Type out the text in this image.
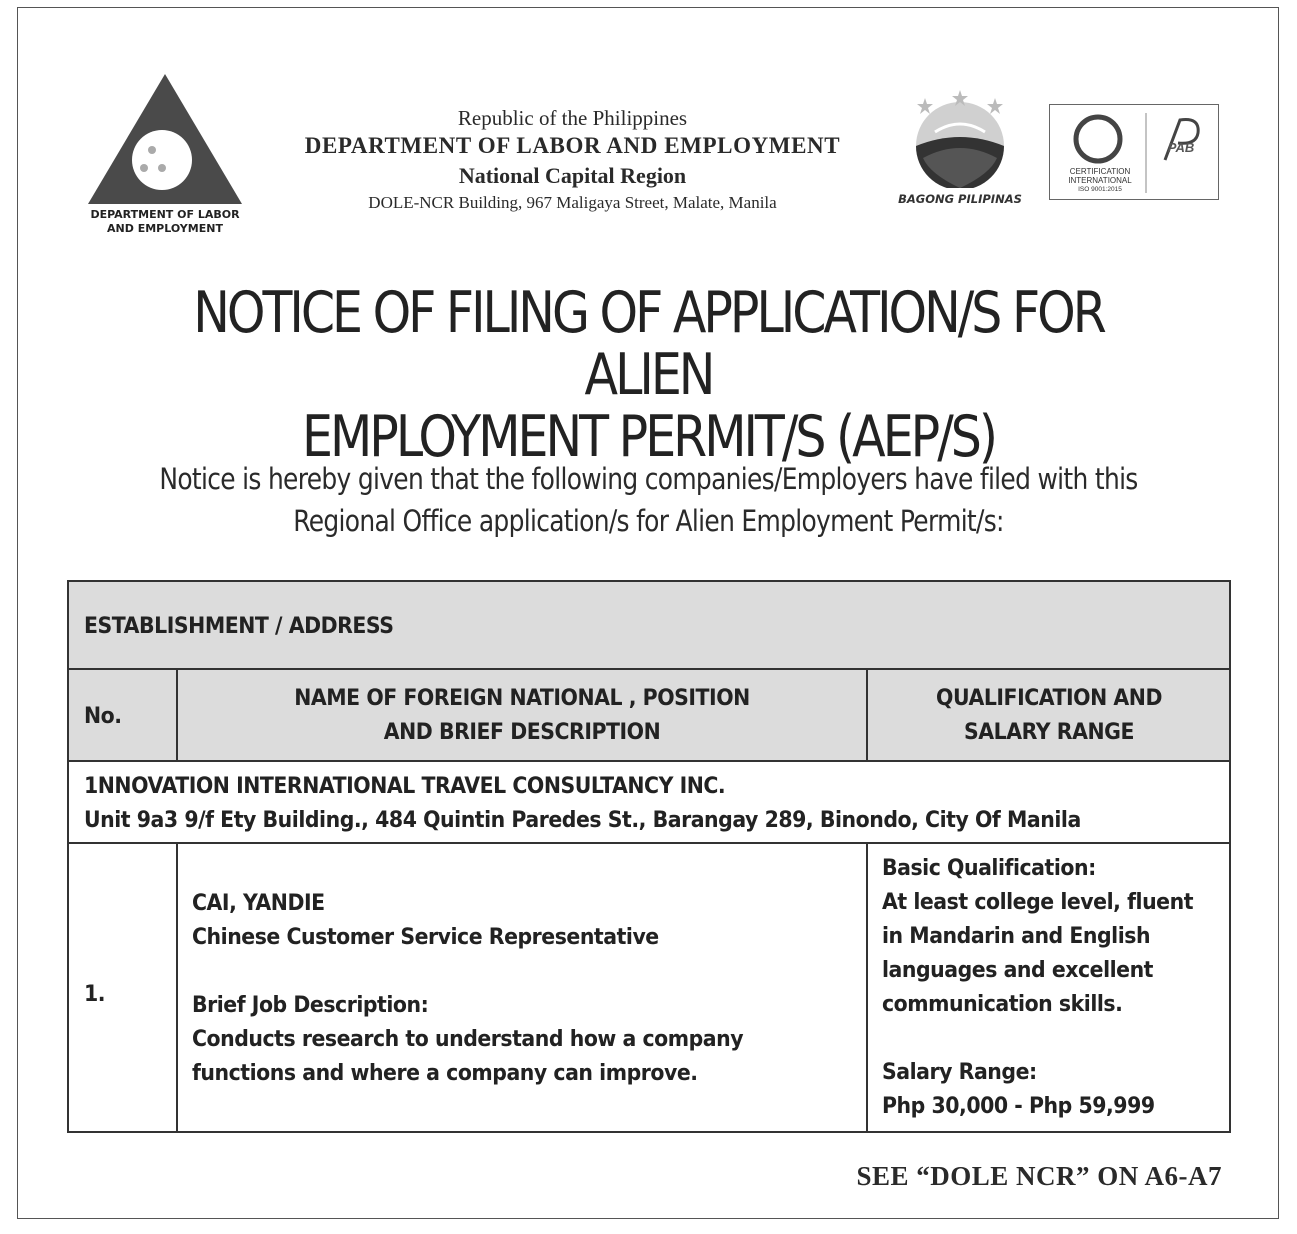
DEPARTMENT OF LABOR
AND EMPLOYMENT
Republic of the Philippines
DEPARTMENT OF LABOR AND EMPLOYMENT
National Capital Region
DOLE-NCR Building, 967 Maligaya Street, Malate, Manila	BAGONG PILIPINAS
CERTIFICATION
INTERNATIONAL
ISO 9001:2015
PAB
NOTICE OF FILING OF APPLICATION/S FOR ALIEN
EMPLOYMENT PERMIT/S (AEP/S)
Notice is hereby given that the following companies/Employers have filed with this
Regional Office application/s for Alien Employment Permit/s:
ESTABLISHMENT / ADDRESS
No.
NAME OF FOREIGN NATIONAL , POSITION
AND BRIEF DESCRIPTION
QUALIFICATION AND
SALARY RANGE
1NNOVATION INTERNATIONAL TRAVEL CONSULTANCY INC.
Unit 9a3 9/f Ety Building., 484 Quintin Paredes St., Barangay 289, Binondo, City Of Manila
1.
CAI, YANDIE
Chinese Customer Service Representative
Brief Job Description:
Conducts research to understand how a company
functions and where a company can improve.
Basic Qualification:
At least college level, fluent
in Mandarin and English
languages and excellent
communication skills.
Salary Range:
Php 30,000 - Php 59,999
SEE “DOLE NCR” ON A6-A7
